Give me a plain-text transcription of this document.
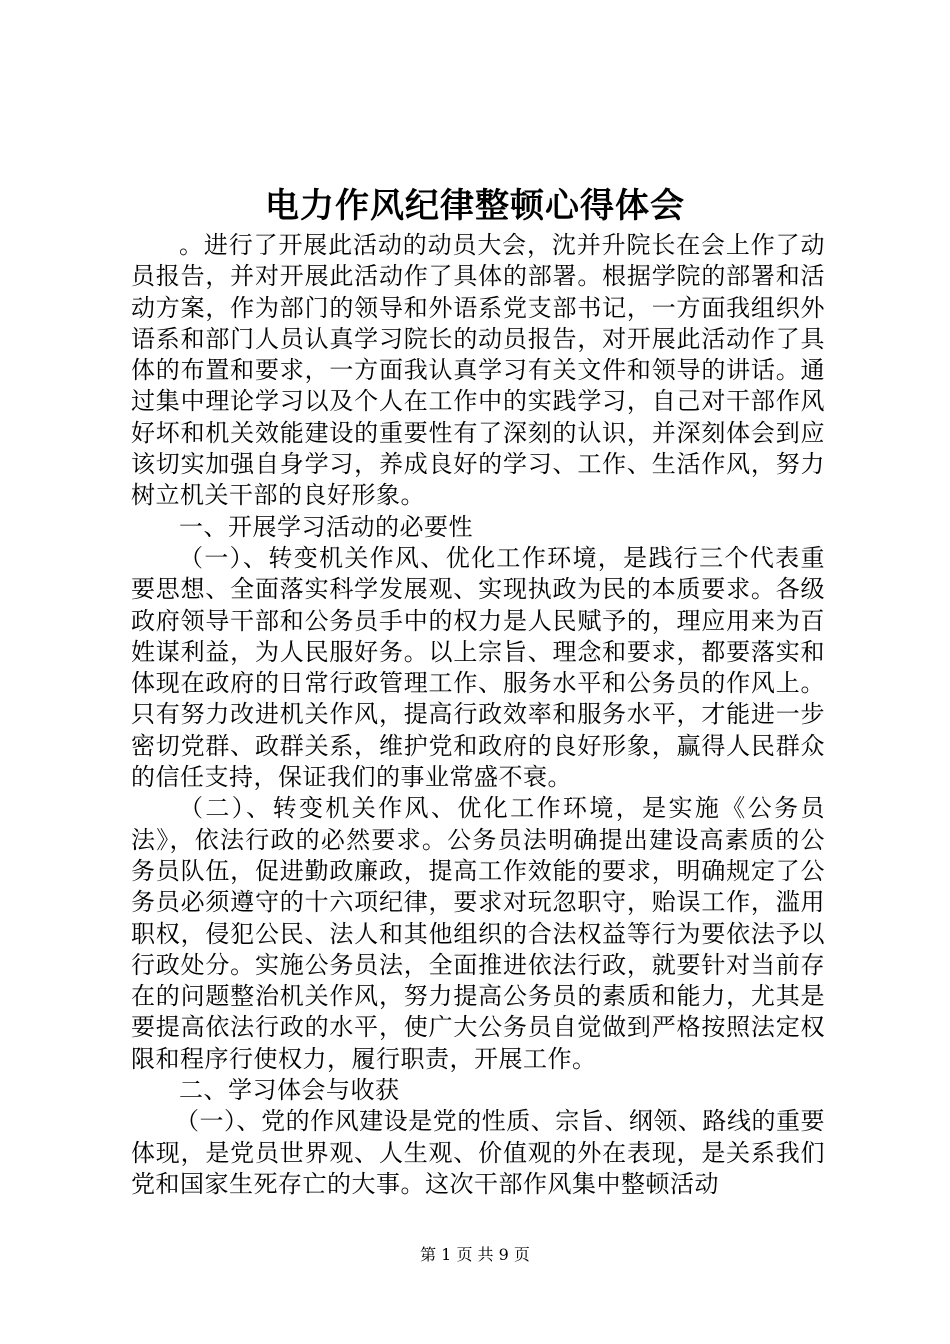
电力作风纪律整顿心得体会

。进行了开展此活动的动员大会，沈并升院长在会上作了动员报告，并对开展此活动作了具体的部署。根据学院的部署和活动方案，作为部门的领导和外语系党支部书记，一方面我组织外语系和部门人员认真学习院长的动员报告，对开展此活动作了具体的布置和要求，一方面我认真学习有关文件和领导的讲话。通过集中理论学习以及个人在工作中的实践学习，自己对干部作风好坏和机关效能建设的重要性有了深刻的认识，并深刻体会到应该切实加强自身学习，养成良好的学习、工作、生活作风，努力树立机关干部的良好形象。

一、开展学习活动的必要性

（一）、转变机关作风、优化工作环境，是践行三个代表重要思想、全面落实科学发展观、实现执政为民的本质要求。各级政府领导干部和公务员手中的权力是人民赋予的，理应用来为百姓谋利益，为人民服好务。以上宗旨、理念和要求，都要落实和体现在政府的日常行政管理工作、服务水平和公务员的作风上。只有努力改进机关作风，提高行政效率和服务水平，才能进一步密切党群、政群关系，维护党和政府的良好形象，赢得人民群众的信任支持，保证我们的事业常盛不衰。

（二）、转变机关作风、优化工作环境，是实施《公务员法》，依法行政的必然要求。公务员法明确提出建设高素质的公务员队伍，促进勤政廉政，提高工作效能的要求，明确规定了公务员必须遵守的十六项纪律，要求对玩忽职守，贻误工作，滥用职权，侵犯公民、法人和其他组织的合法权益等行为要依法予以行政处分。实施公务员法，全面推进依法行政，就要针对当前存在的问题整治机关作风，努力提高公务员的素质和能力，尤其是要提高依法行政的水平，使广大公务员自觉做到严格按照法定权限和程序行使权力，履行职责，开展工作。

二、学习体会与收获

（一）、党的作风建设是党的性质、宗旨、纲领、路线的重要体现，是党员世界观、人生观、价值观的外在表现，是关系我们党和国家生死存亡的大事。这次干部作风集中整顿活动

第 1 页 共 9 页
